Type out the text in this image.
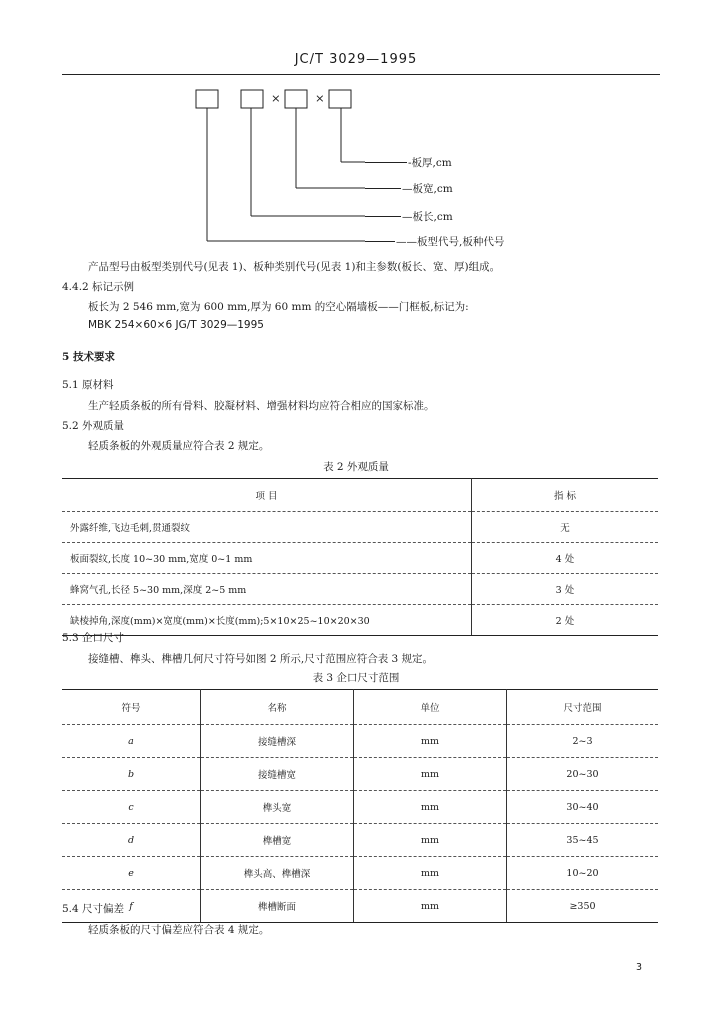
JC/T 3029—1995
×	×
-板厚,cm
—板宽,cm
—板长,cm
——板型代号,板种代号
产品型号由板型类别代号(见表 1)、板种类别代号(见表 1)和主参数(板长、宽、厚)组成。
4.4.2 标记示例
板长为 2 546 mm,宽为 600 mm,厚为 60 mm 的空心隔墙板——门框板,标记为:
MBK 254×60×6 JG/T 3029—1995
5 技术要求
5.1 原材料
生产轻质条板的所有骨料、胶凝材料、增强材料均应符合相应的国家标准。
5.2 外观质量
轻质条板的外观质量应符合表 2 规定。
表 2 外观质量
项 目	指 标
外露纤维,飞边毛刺,贯通裂纹	无
板面裂纹,长度 10~30 mm,宽度 0~1 mm	4 处
蜂窝气孔,长径 5~30 mm,深度 2~5 mm	3 处
缺棱掉角,深度(mm)×宽度(mm)×长度(mm);5×10×25~10×20×30	2 处
5.3 企口尺寸
接缝槽、榫头、榫槽几何尺寸符号如图 2 所示,尺寸范围应符合表 3 规定。
表 3 企口尺寸范围
符号	名称	单位	尺寸范围
a	接缝槽深	mm	2~3
b	接缝槽宽	mm	20~30
c	榫头宽	mm	30~40
d	榫槽宽	mm	35~45
e	榫头高、榫槽深	mm	10~20
f	榫槽断面	mm	≥350
5.4 尺寸偏差
轻质条板的尺寸偏差应符合表 4 规定。
3
